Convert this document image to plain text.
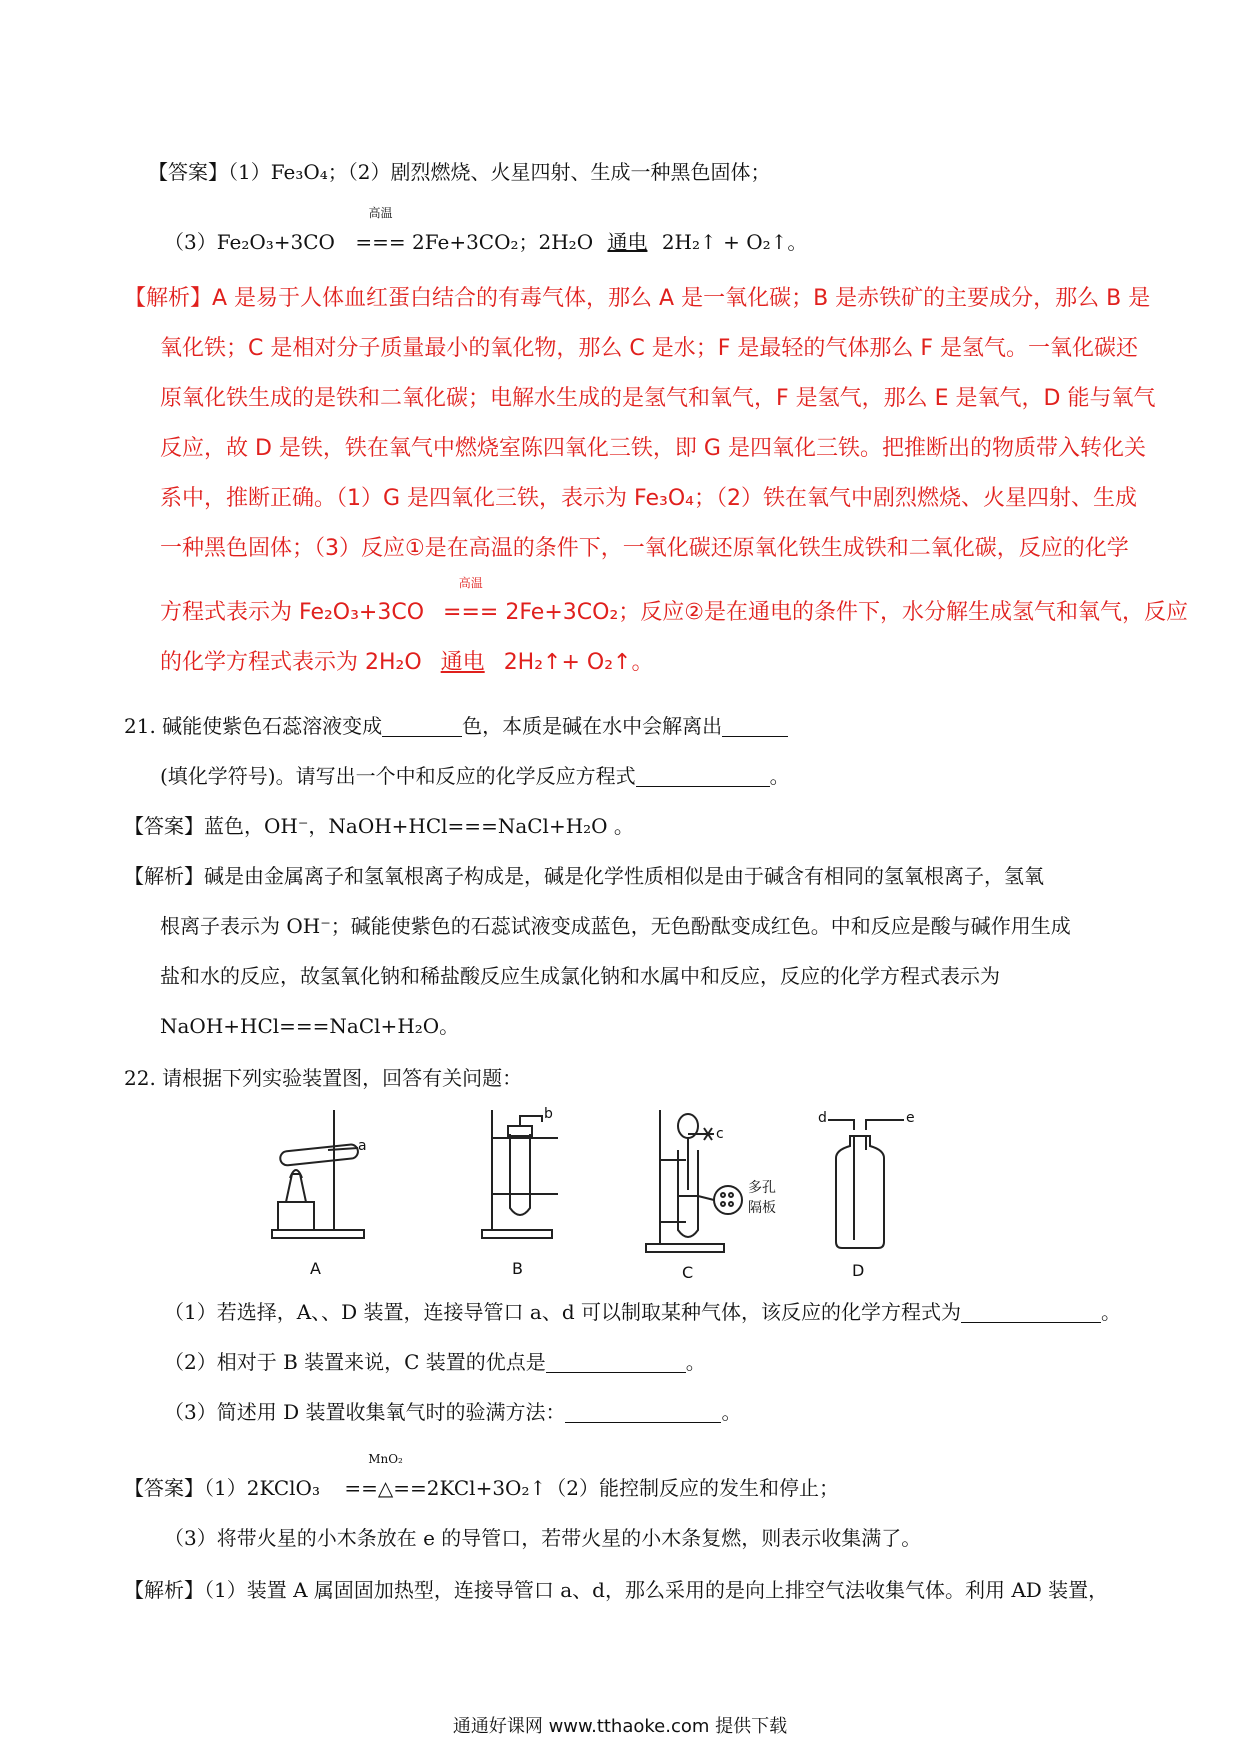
【答案】（1）Fe₃O₄；（2）剧烈燃烧、火星四射、生成一种黑色固体；
（3）Fe₂O₃+3CO
高温
=== 2Fe+3CO₂；2H₂O 通电 2H₂↑ + O₂↑。
【解析】A 是易于人体血红蛋白结合的有毒气体，那么 A 是一氧化碳；B 是赤铁矿的主要成分，那么 B 是
氧化铁；C 是相对分子质量最小的氧化物，那么 C 是水；F 是最轻的气体那么 F 是氢气。一氧化碳还
原氧化铁生成的是铁和二氧化碳；电解水生成的是氢气和氧气，F 是氢气，那么 E 是氧气，D 能与氧气
反应，故 D 是铁，铁在氧气中燃烧室陈四氧化三铁，即 G 是四氧化三铁。把推断出的物质带入转化关
系中，推断正确。（1）G 是四氧化三铁，表示为 Fe₃O₄；（2）铁在氧气中剧烈燃烧、火星四射、生成
一种黑色固体；（3）反应①是在高温的条件下，一氧化碳还原氧化铁生成铁和二氧化碳，反应的化学
方程式表示为 Fe₂O₃+3CO
高温
=== 2Fe+3CO₂；反应②是在通电的条件下，水分解生成氢气和氧气，反应
的化学方程式表示为 2H₂O 通电 2H₂↑+ O₂↑。
21. 碱能使紫色石蕊溶液变成	色，本质是碱在水中会解离出
(填化学符号)。请写出一个中和反应的化学反应方程式	。
【答案】蓝色，OH⁻，NaOH+HCl===NaCl+H₂O 。
【解析】碱是由金属离子和氢氧根离子构成是，碱是化学性质相似是由于碱含有相同的氢氧根离子，氢氧
根离子表示为 OH⁻；碱能使紫色的石蕊试液变成蓝色，无色酚酞变成红色。中和反应是酸与碱作用生成
盐和水的反应，故氢氧化钠和稀盐酸反应生成氯化钠和水属中和反应，反应的化学方程式表示为
NaOH+HCl===NaCl+H₂O。
22. 请根据下列实验装置图，回答有关问题：
a
A
b
B
c
多孔
隔板
C
d	e
D
（1）若选择，A、、D 装置，连接导管口 a、d 可以制取某种气体，该反应的化学方程式为	。
（2）相对于 B 装置来说，C 装置的优点是	。
（3）简述用 D 装置收集氧气时的验满方法：	。
【答案】（1）2KClO₃
MnO₂
==△==2KCl+3O₂↑（2）能控制反应的发生和停止；
（3）将带火星的小木条放在 e 的导管口，若带火星的小木条复燃，则表示收集满了。
【解析】（1）装置 A 属固固加热型，连接导管口 a、d，那么采用的是向上排空气法收集气体。利用 AD 装置，
通通好课网 www.tthaoke.com 提供下载
